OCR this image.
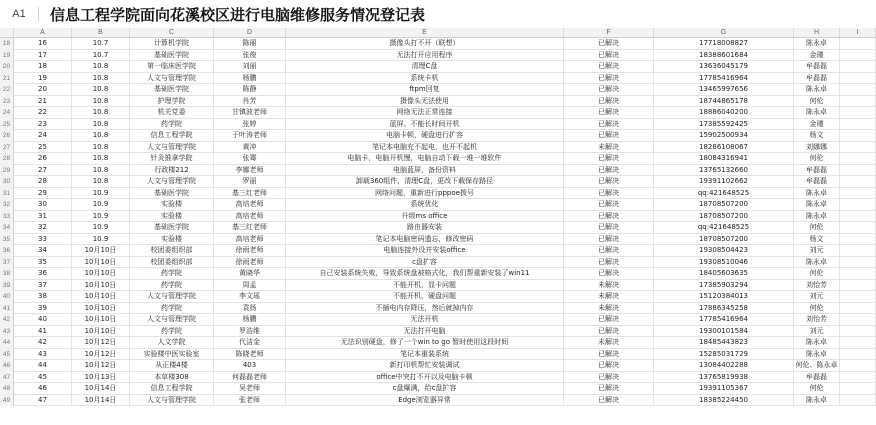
A1	信息工程学院面向花溪校区进行电脑维修服务情况登记表
A	B	C	D	E	F	G	H	I
18	16	10.7	计算机学院	陈丽	摄像头打不开（联想）	已解决	17718008827	陈永卓
19	17	10.7	基础医学院	张俊	无法打开应用程序	已解决	18388601684	金瑾
20	18	10.8	第一临床医学院	刘丽	清理C盘	已解决	13636045179	牟磊磊
21	19	10.8	人文与管理学院	杨鹏	系统卡机	已解决	17785416964	牟磊磊
22	20	10.8	基础医学院	陈静	ftpm回复	已解决	13465997656	陈永卓
23	21	10.8	护理学院	肖芳	摄像头无法使用	已解决	18744865178	何伦
24	22	10.8	机关党委	甘镇波老师	网络无法正常连接	已解决	18886040200	陈永卓
25	23	10.8	药学院	张婷	蓝屏、不能长时间开机	已解决	17385592425	金瑾
26	24	10.8	信息工程学院	于叶涛老师	电脑卡顿，硬盘进行扩容	已解决	15902500934	杨文
27	25	10.8	人文与管理学院	黄冲	笔记本电脑充不起电，也开不起机	未解决	18286108067	刘娜娜
28	26	10.8	针灸推拿学院	张骞	电脑卡，电脑开机慢，电脑自动下载一堆一堆软件	已解决	18084316941	何伦
29	27	10.8	行政楼212	李娜老师	电脑蓝屏，备份资料	已解决	13765132660	牟磊磊
30	28	10.8	人文与管理学院	罗丽	卸载360组件，清理C盘，更改下载保存路径	已解决	19391102662	牟磊磊
31	29	10.9	基础医学院	基三红老师	网络问题，重新进行pppoe拨号	已解决	qq:421648525	陈永卓
32	30	10.9	实验楼	高培老师	系统优化	已解决	18708507200	陈永卓
33	31	10.9	实验楼	高培老师	升级ms office	已解决	18708507200	陈永卓
34	32	10.9	基础医学院	基三红老师	路由器安装	已解决	qq:421648525	何伦
35	33	10.9	实验楼	高培老师	笔记本电脑密码遗忘，修改密码	已解决	18708507200	杨文
36	34	10月10日	校团委组织部	徐雨老师	电脑连接外设并安装office	已解决	19308504423	刘元
37	35	10月10日	校团委组织部	徐雨老师	c盘扩容	已解决	19308510046	陈永卓
38	36	10月10日	药学院	黄晓华	自己安装系统失败，导致系统盘被格式化，我们帮重新安装了win11	已解决	18405603635	何伦
39	37	10月10日	药学院	周孟	不能开机，显卡问题	未解决	17385903294	刘怡芳
40	38	10月10日	人文与管理学院	李文瑶	不能开机，硬盘问题	未解决	15120384013	刘元
41	39	10月10日	药学院	袁扬	不插电内存降压，然后就掉内存	未解决	17886345258	何伦
42	40	10月10日	人文与管理学院	杨鹏	无法开机	已解决	17785416964	刘怡芳
43	41	10月10日	药学院	罗浩维	无法打开电脑	已解决	19300101584	刘元
44	42	10月12日	人文学院	代洁金	无法识别硬盘，修了一个win to go 暂时使用这段时间	未解决	18485443823	陈永卓
45	43	10月12日	实验楼中医实验室	陈晓老师	笔记本重装系统	已解决	15285031729	陈永卓
46	44	10月12日	从正楼4楼	403	新打印机帮忙安装调试	已解决	13084402288	何伦、陈永卓
47	45	10月13日	本草楼308	何磊磊老师	office中突打不开以及电脑卡顿	已解决	13765819938	牟磊磊
48	46	10月14日	信息工程学院	吴老师	c盘爆满，给c盘扩容	已解决	19391105367	何伦
49	47	10月14日	人文与管理学院	张老师	Edge浏览器异常	已解决	18385224450	陈永卓
